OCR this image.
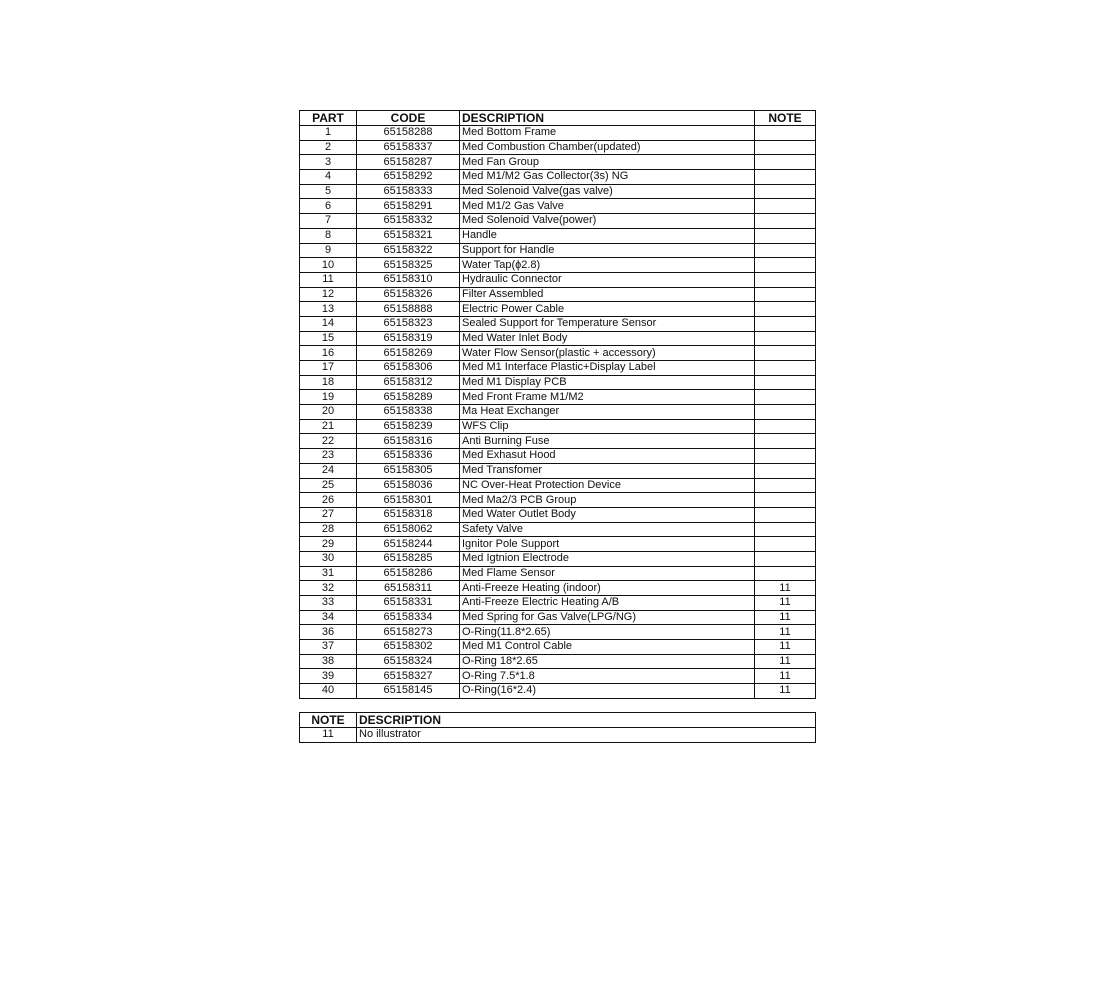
PART	CODE	DESCRIPTION	NOTE
1	65158288	Med Bottom Frame	
2	65158337	Med Combustion Chamber(updated)	
3	65158287	Med Fan Group	
4	65158292	Med M1/M2 Gas Collector(3s) NG	
5	65158333	Med Solenoid Valve(gas valve)	
6	65158291	Med M1/2 Gas Valve	
7	65158332	Med Solenoid Valve(power)	
8	65158321	Handle	
9	65158322	Support for Handle	
10	65158325	Water Tap(ɸ2.8)	
11	65158310	Hydraulic Connector	
12	65158326	Filter Assembled	
13	65158888	Electric Power Cable	
14	65158323	Sealed Support for Temperature Sensor	
15	65158319	Med Water Inlet Body	
16	65158269	Water Flow Sensor(plastic + accessory)	
17	65158306	Med M1 Interface Plastic+Display Label	
18	65158312	Med M1 Display PCB	
19	65158289	Med Front Frame M1/M2	
20	65158338	Ma Heat Exchanger	
21	65158239	WFS Clip	
22	65158316	Anti Burning Fuse	
23	65158336	Med Exhasut Hood	
24	65158305	Med Transfomer	
25	65158036	NC Over-Heat Protection Device	
26	65158301	Med Ma2/3 PCB Group	
27	65158318	Med Water Outlet Body	
28	65158062	Safety Valve	
29	65158244	Ignitor Pole Support	
30	65158285	Med Igtnion Electrode	
31	65158286	Med Flame Sensor	
32	65158311	Anti-Freeze Heating (indoor)	11
33	65158331	Anti-Freeze Electric Heating A/B	11
34	65158334	Med Spring for Gas Valve(LPG/NG)	11
36	65158273	O-Ring(11.8*2.65)	11
37	65158302	Med M1 Control Cable	11
38	65158324	O-Ring 18*2.65	11
39	65158327	O-Ring 7.5*1.8	11
40	65158145	O-Ring(16*2.4)	11
NOTE	DESCRIPTION
11	No illustrator
